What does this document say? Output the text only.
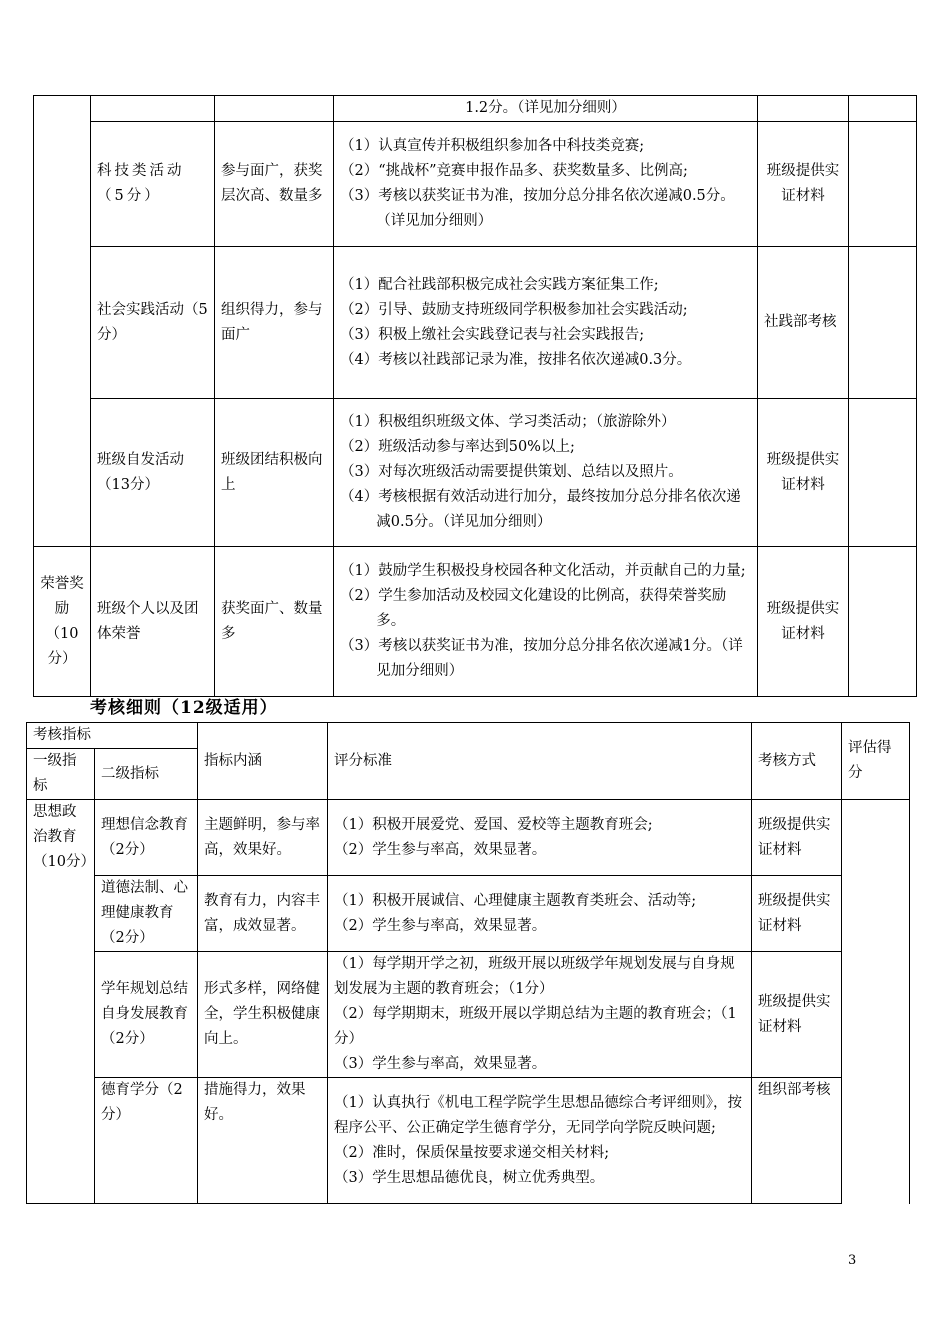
			1.2分。（详见加分细则）		
	科技类活动（5分）	参与面广，获奖层次高、数量多	（1）认真宣传并积极组织参加各中科技类竞赛;
（2）“挑战杯”竞赛申报作品多、获奖数量多、比例高;
（3）考核以获奖证书为准，按加分总分排名依次递减0.5分。（详见加分细则）	班级提供实证材料	
	社会实践活动（5分）	组织得力，参与面广	（1）配合社践部积极完成社会实践方案征集工作;
（2）引导、鼓励支持班级同学积极参加社会实践活动;
（3）积极上缴社会实践登记表与社会实践报告;
（4）考核以社践部记录为准，按排名依次递减0.3分。	社践部考核	
	班级自发活动（13分）	班级团结积极向上	（1）积极组织班级文体、学习类活动；（旅游除外）
（2）班级活动参与率达到50%以上;
（3）对每次班级活动需要提供策划、总结以及照片。
（4）考核根据有效活动进行加分，最终按加分总分排名依次递减0.5分。（详见加分细则）	班级提供实证材料	
荣誉奖励（10分）	班级个人以及团体荣誉	获奖面广、数量多	（1）鼓励学生积极投身校园各种文化活动，并贡献自己的力量;
（2）学生参加活动及校园文化建设的比例高，获得荣誉奖励多。
（3）考核以获奖证书为准，按加分总分排名依次递减1分。（详见加分细则）	班级提供实证材料	
考核细则（12级适用）
考核指标		指标内涵	评分标准	考核方式	评估得分
一级指标	二级指标				
思想政治教育（10分）	理想信念教育（2分）	主题鲜明，参与率高，效果好。	（1）积极开展爱党、爱国、爱校等主题教育班会;
（2）学生参与率高，效果显著。	班级提供实证材料	
	道德法制、心理健康教育（2分）	教育有力，内容丰富，成效显著。	（1）积极开展诚信、心理健康主题教育类班会、活动等;
（2）学生参与率高，效果显著。	班级提供实证材料	
	学年规划总结自身发展教育（2分）	形式多样，网络健全，学生积极健康向上。	（1）每学期开学之初，班级开展以班级学年规划发展与自身规划发展为主题的教育班会；（1分）
（2）每学期期末，班级开展以学期总结为主题的教育班会；（1分）
（3）学生参与率高，效果显著。	班级提供实证材料	
	德育学分（2分）	措施得力，效果好。	（1）认真执行《机电工程学院学生思想品德综合考评细则》，按程序公平、公正确定学生德育学分，无同学向学院反映问题;
（2）准时，保质保量按要求递交相关材料;
（3）学生思想品德优良，树立优秀典型。	组织部考核	
3
